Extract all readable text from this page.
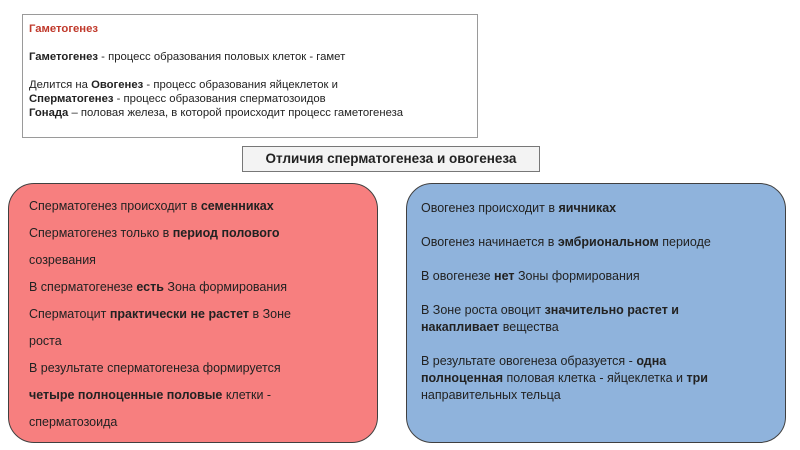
Гаметогенез
Гаметогенез - процесс образования половых клеток - гамет
Делится на Овогенез - процесс образования яйцеклеток и
Сперматогенез - процесс образования сперматозоидов
Гонада – половая железа, в которой происходит процесс гаметогенеза
Отличия сперматогенеза и овогенеза
Сперматогенез происходит в семенниках
Сперматогенез только в период полового
созревания
В сперматогенезе есть Зона формирования
Сперматоцит практически не растет в Зоне
роста
В результате сперматогенеза формируется
четыре полноценные половые клетки -
сперматозоида
Овогенез происходит в яичниках
Овогенез начинается в эмбриональном периоде
В овогенезе нет Зоны формирования
В Зоне роста овоцит значительно растет и
накапливает вещества
В результате овогенеза образуется - одна
полноценная половая клетка - яйцеклетка и три
направительных тельца
